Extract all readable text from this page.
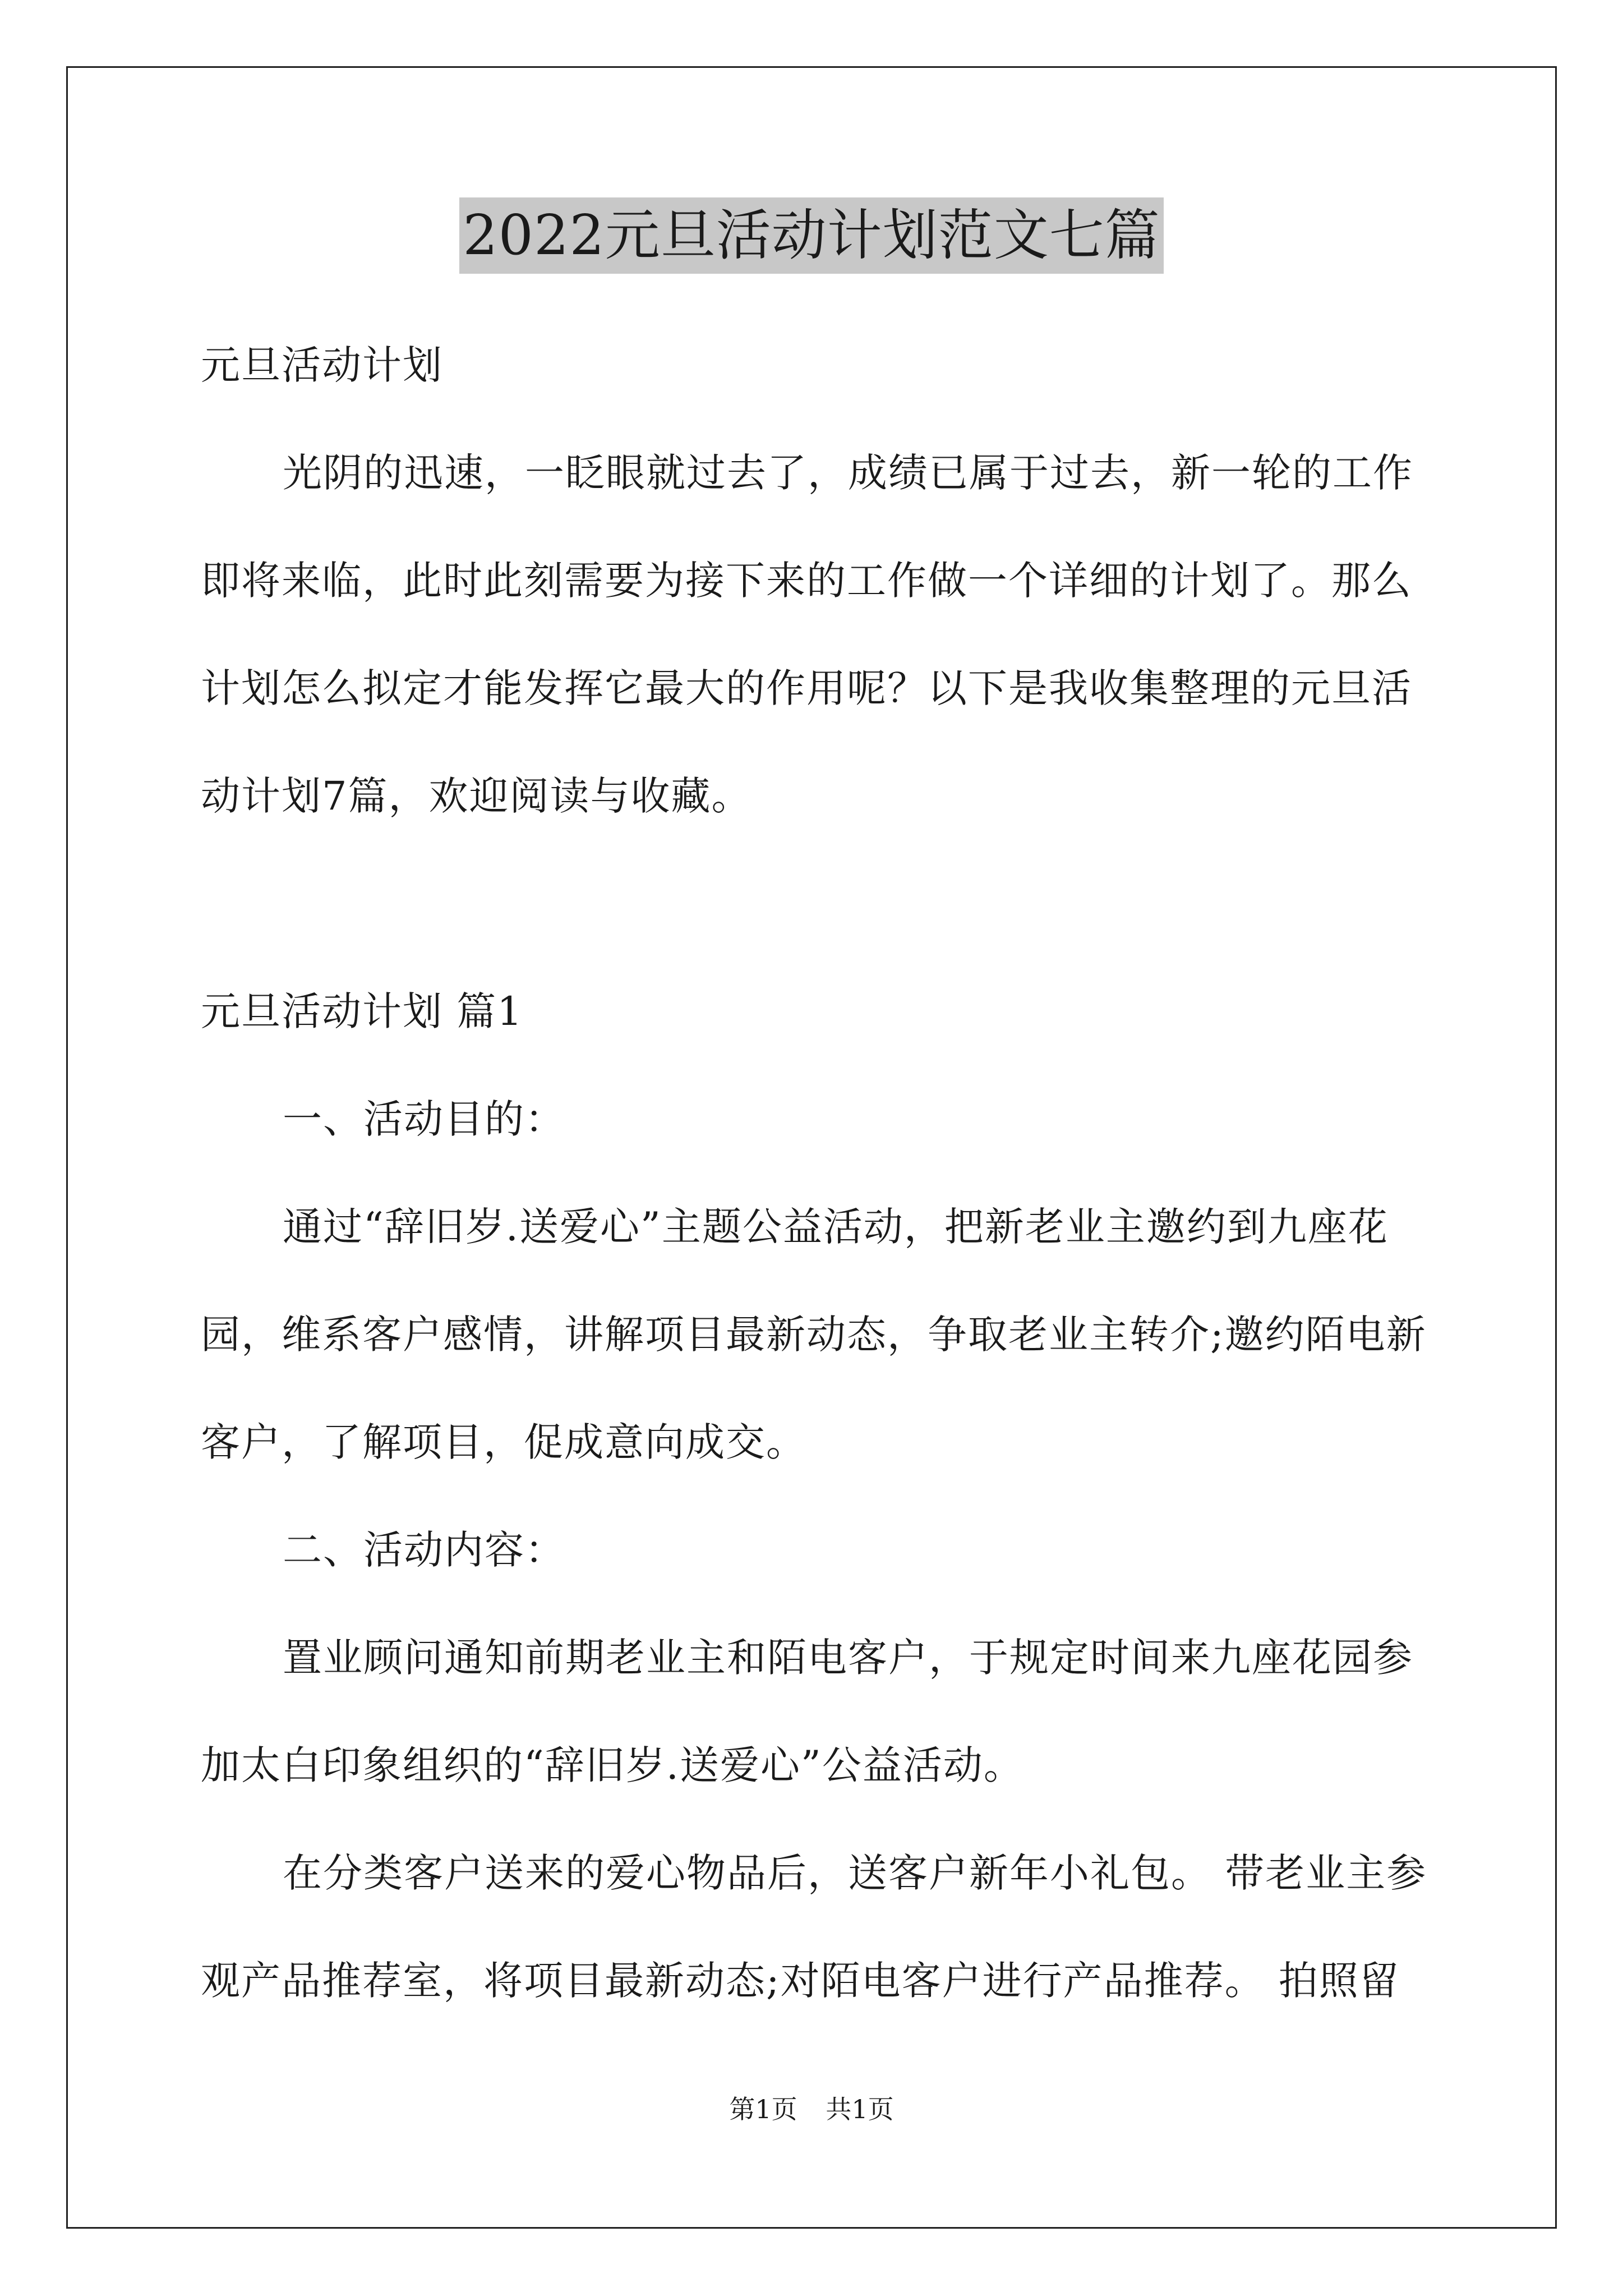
2022元旦活动计划范文七篇
元旦活动计划
光阴的迅速，一眨眼就过去了，成绩已属于过去，新一轮的工作
即将来临，此时此刻需要为接下来的工作做一个详细的计划了。那么
计划怎么拟定才能发挥它最大的作用呢？以下是我收集整理的元旦活
动计划7篇，欢迎阅读与收藏。
元旦活动计划 篇1
一、活动目的：
通过“辞旧岁.送爱心”主题公益活动，把新老业主邀约到九座花
园，维系客户感情，讲解项目最新动态，争取老业主转介;邀约陌电新
客户，了解项目，促成意向成交。
二、活动内容：
置业顾问通知前期老业主和陌电客户，于规定时间来九座花园参
加太白印象组织的“辞旧岁.送爱心”公益活动。
在分类客户送来的爱心物品后，送客户新年小礼包。 带老业主参
观产品推荐室，将项目最新动态;对陌电客户进行产品推荐。 拍照留
第1页 共1页
